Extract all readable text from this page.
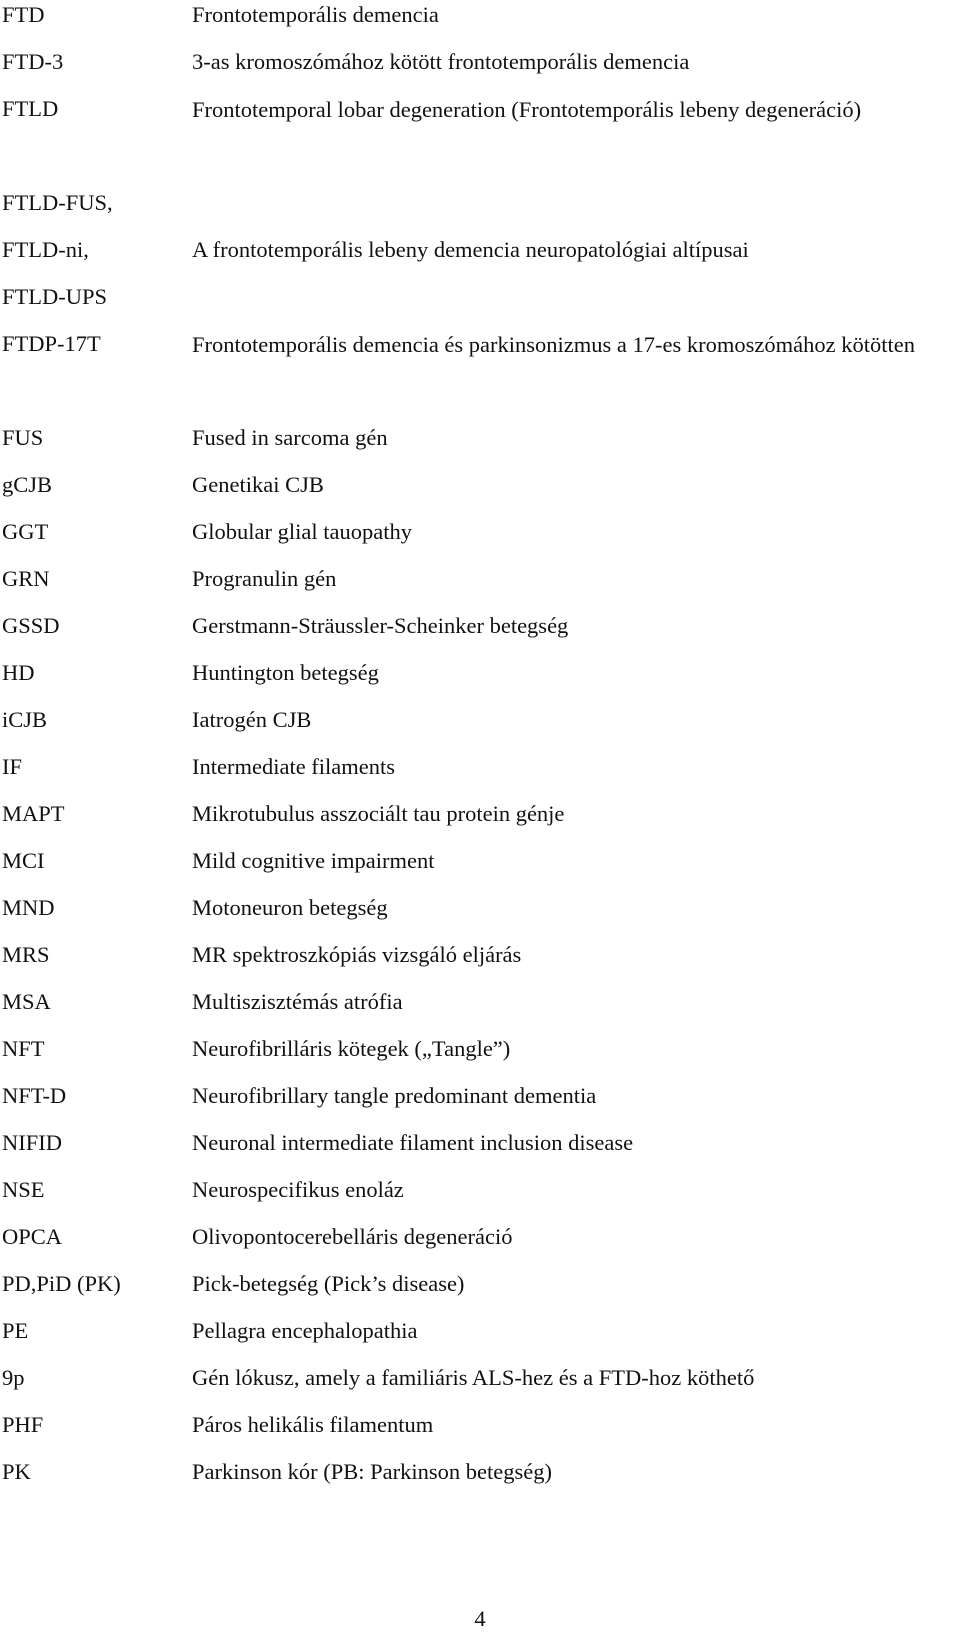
FTD	Frontotemporális demencia
FTD-3	3-as kromoszómához kötött frontotemporális demencia
FTLD	Frontotemporal lobar degeneration (Frontotemporális lebeny degeneráció)
FTLD-FUS,
FTLD-ni,	A frontotemporális lebeny demencia neuropatológiai altípusai
FTLD-UPS
FTDP-17T	Frontotemporális demencia és parkinsonizmus a 17-es kromoszómához kötötten
FUS	Fused in sarcoma gén
gCJB	Genetikai CJB
GGT	Globular glial tauopathy
GRN	Progranulin gén
GSSD	Gerstmann-Sträussler-Scheinker betegség
HD	Huntington betegség
iCJB	Iatrogén CJB
IF	Intermediate filaments
MAPT	Mikrotubulus asszociált tau protein génje
MCI	Mild cognitive impairment
MND	Motoneuron betegség
MRS	MR spektroszkópiás vizsgáló eljárás
MSA	Multiszisztémás atrófia
NFT	Neurofibrilláris kötegek („Tangle”)
NFT-D	Neurofibrillary tangle predominant dementia
NIFID	Neuronal intermediate filament inclusion disease
NSE	Neurospecifikus enoláz
OPCA	Olivopontocerebelláris degeneráció
PD,PiD (PK)	Pick-betegség (Pick’s disease)
PE	Pellagra encephalopathia
9p	Gén lókusz, amely a familiáris ALS-hez és a FTD-hoz köthető
PHF	Páros helikális filamentum
PK	Parkinson kór (PB: Parkinson betegség)
4
